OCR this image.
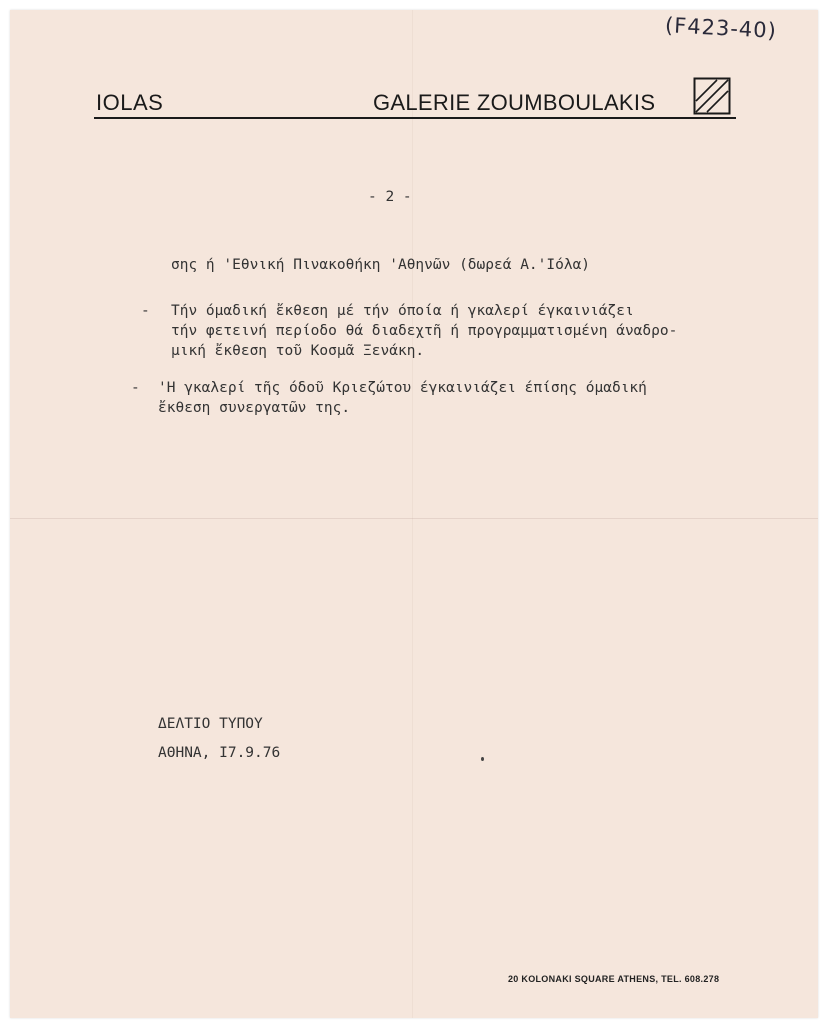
(F423-40)
IOLAS	GALERIE ZOUMBOULAKIS
- 2 -
σης ή 'Εθνική Πινακοθήκη 'Αθηνῶν (δωρεά Α.'Ιόλα)
- Τήν όμαδική ἔκθεση μέ τήν όποία ή γκαλερί έγκαινιάζει
τήν φετεινή περίοδο θά διαδεχτῆ ή προγραμματισμένη άναδρο-
μική ἔκθεση τοῦ Κοσμᾶ Ξενάκη.
- 'Η γκαλερί τῆς όδοῦ Κριεζώτου έγκαινιάζει έπίσης όμαδική
ἔκθεση συνεργατῶν της.
ΔΕΛΤΙΟ ΤΥΠΟΥ
ΑΘΗΝΑ, Ι7.9.76
20 KOLONAKI SQUARE ATHENS, TEL. 608.278
